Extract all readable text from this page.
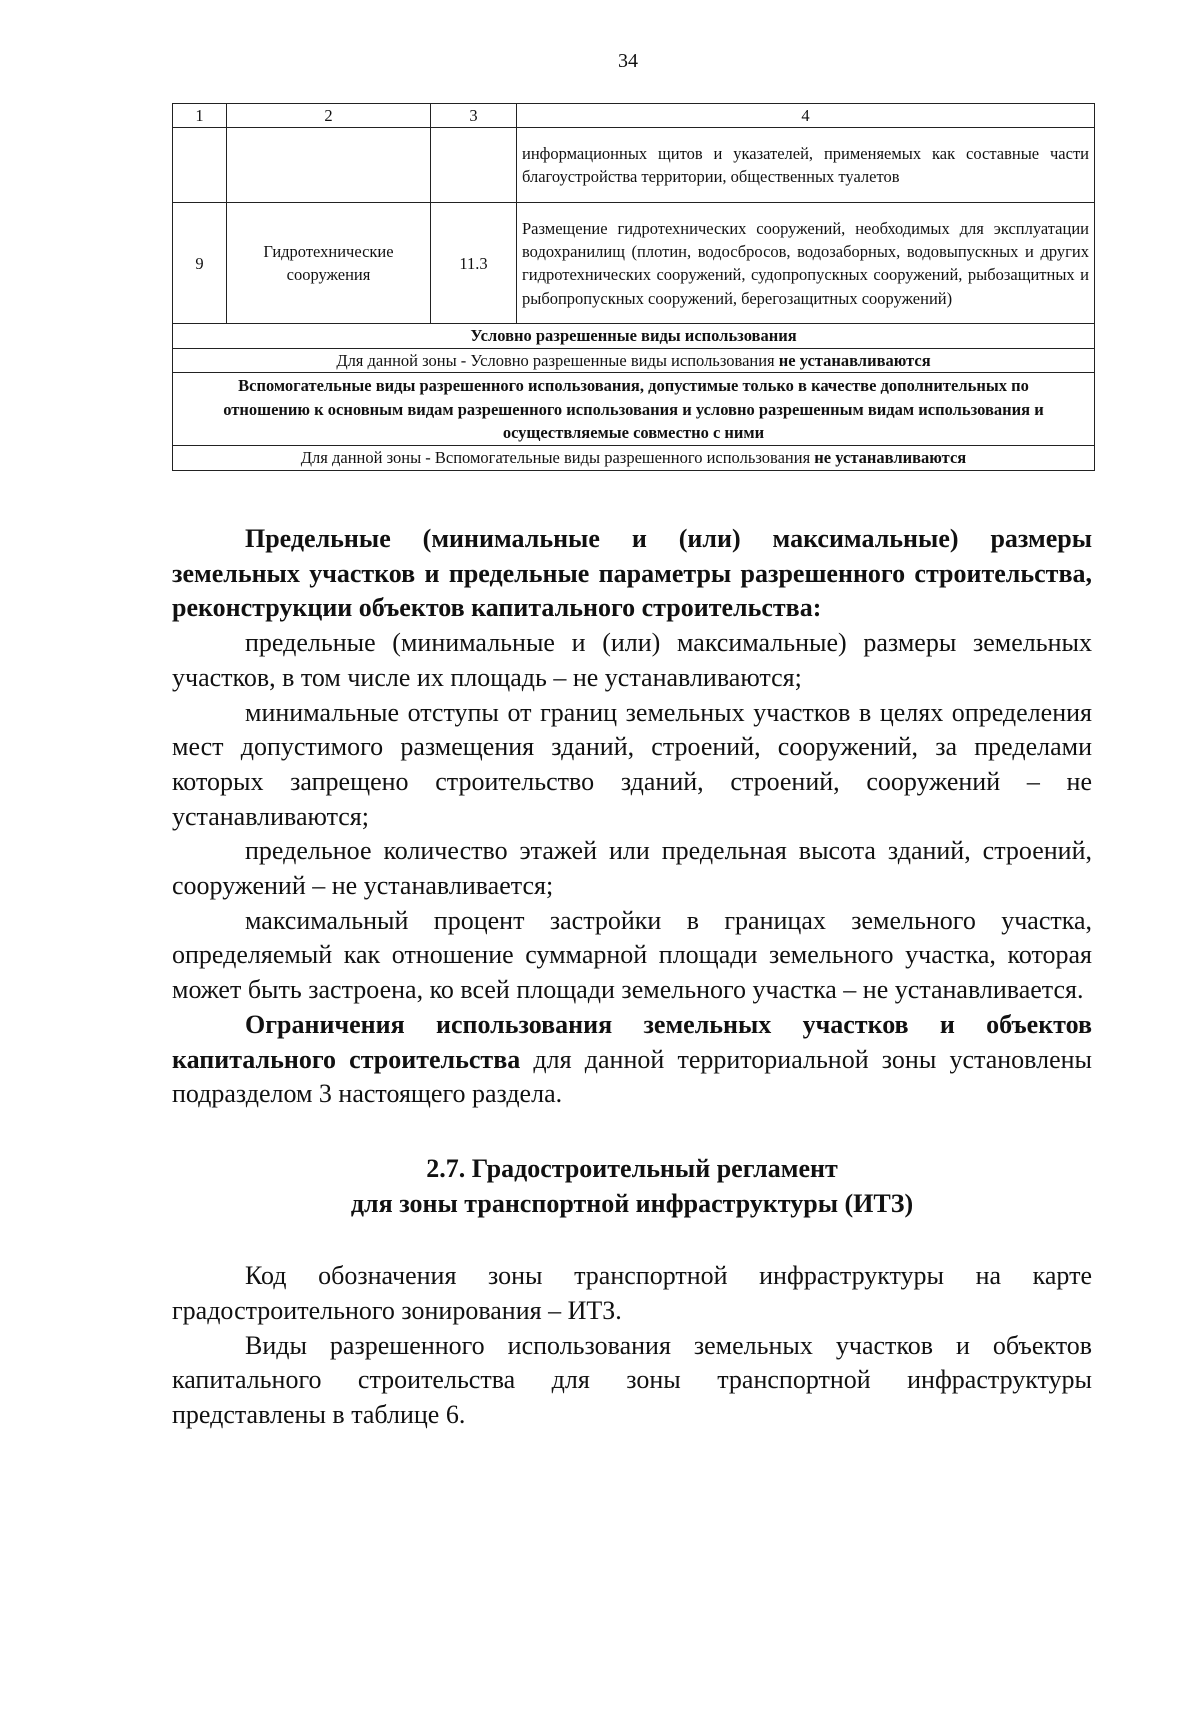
34
1	2	3	4
			информационных щитов и указателей, применяемых как составные части благоустройства территории, общественных туалетов
9	Гидротехнические сооружения	11.3	Размещение гидротехнических сооружений, необходимых для эксплуатации водохранилищ (плотин, водосбросов, водозаборных, водовыпускных и других гидротехнических сооружений, судопропускных сооружений, рыбозащитных и рыбопропускных сооружений, берегозащитных сооружений)
Условно разрешенные виды использования			
Для данной зоны - Условно разрешенные виды использования не устанавливаются			
Вспомогательные виды разрешенного использования, допустимые только в качестве дополнительных по отношению к основным видам разрешенного использования и условно разрешенным видам использования и осуществляемые совместно с ними			
Для данной зоны - Вспомогательные виды разрешенного использования не устанавливаются			

Предельные (минимальные и (или) максимальные) размеры земельных участков и предельные параметры разрешенного строительства, реконструкции объектов капитального строительства:

предельные (минимальные и (или) максимальные) размеры земельных участков, в том числе их площадь – не устанавливаются;

минимальные отступы от границ земельных участков в целях определения мест допустимого размещения зданий, строений, сооружений, за пределами которых запрещено строительство зданий, строений, сооружений – не устанавливаются;

предельное количество этажей или предельная высота зданий, строений, сооружений – не устанавливается;

максимальный процент застройки в границах земельного участка, определяемый как отношение суммарной площади земельного участка, которая может быть застроена, ко всей площади земельного участка – не устанавливается.

Ограничения использования земельных участков и объектов капитального строительства для данной территориальной зоны установлены подразделом 3 настоящего раздела.

2.7. Градостроительный регламент
для зоны транспортной инфраструктуры (ИТЗ)

Код обозначения зоны транспортной инфраструктуры на карте градостроительного зонирования – ИТЗ.

Виды разрешенного использования земельных участков и объектов капитального строительства для зоны транспортной инфраструктуры представлены в таблице 6.
